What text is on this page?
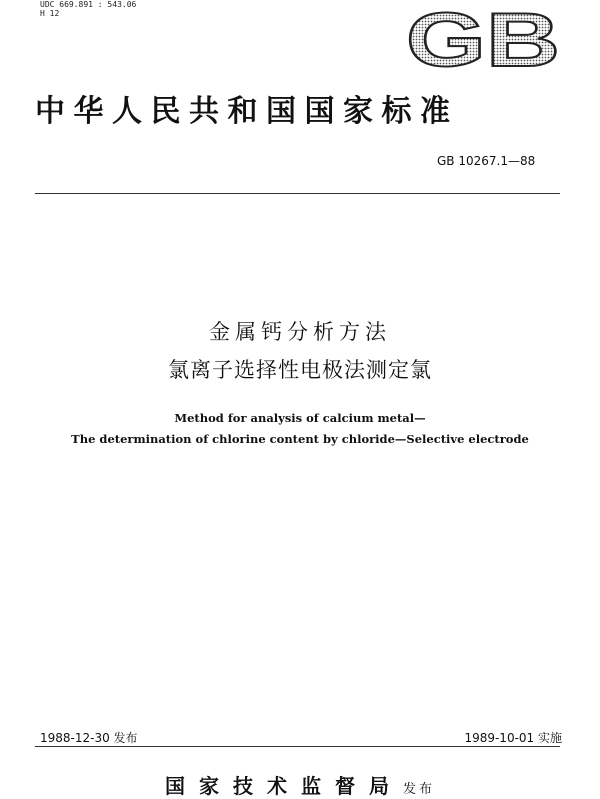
UDC 669.891 : 543.06
H 12	GB
中华人民共和国国家标准
GB 10267.1—88
金属钙分析方法
氯离子选择性电极法测定氯
Method for analysis of calcium metal—
The determination of chlorine content by chloride—Selective electrode
1988-12-30 发布	1989-10-01 实施
国家技术监督局发布
